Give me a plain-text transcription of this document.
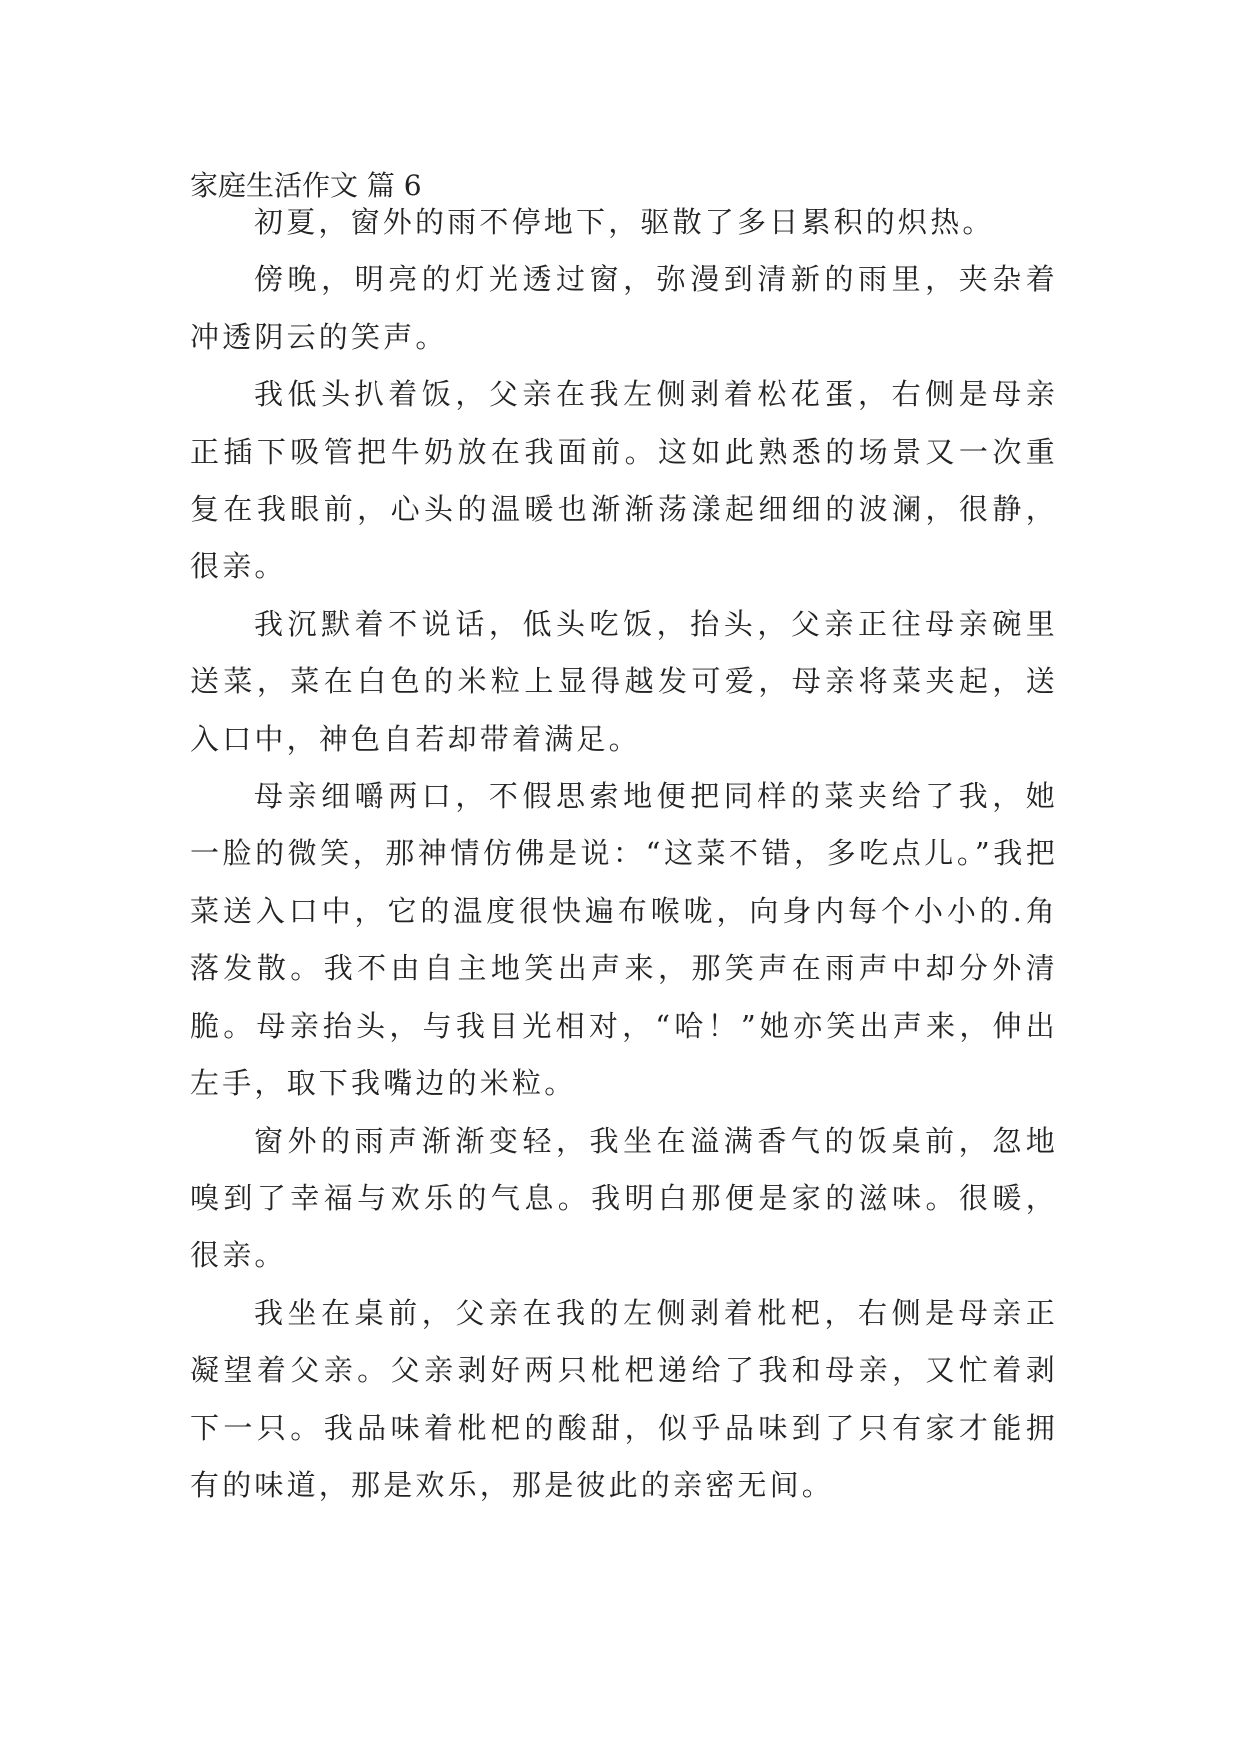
家庭生活作文 篇 6

初夏，窗外的雨不停地下，驱散了多日累积的炽热。

傍晚，明亮的灯光透过窗，弥漫到清新的雨里，夹杂着冲透阴云的笑声。

我低头扒着饭，父亲在我左侧剥着松花蛋，右侧是母亲正插下吸管把牛奶放在我面前。这如此熟悉的场景又一次重复在我眼前，心头的温暖也渐渐荡漾起细细的波澜，很静，很亲。

我沉默着不说话，低头吃饭，抬头，父亲正往母亲碗里送菜，菜在白色的米粒上显得越发可爱，母亲将菜夹起，送入口中，神色自若却带着满足。

母亲细嚼两口，不假思索地便把同样的菜夹给了我，她一脸的微笑，那神情仿佛是说：“这菜不错，多吃点儿。”我把菜送入口中，它的温度很快遍布喉咙，向身内每个小小的.角落发散。我不由自主地笑出声来，那笑声在雨声中却分外清脆。母亲抬头，与我目光相对，“哈！”她亦笑出声来，伸出左手，取下我嘴边的米粒。

窗外的雨声渐渐变轻，我坐在溢满香气的饭桌前，忽地嗅到了幸福与欢乐的气息。我明白那便是家的滋味。很暖，很亲。

我坐在桌前，父亲在我的左侧剥着枇杷，右侧是母亲正凝望着父亲。父亲剥好两只枇杷递给了我和母亲，又忙着剥下一只。我品味着枇杷的酸甜，似乎品味到了只有家才能拥有的味道，那是欢乐，那是彼此的亲密无间。
